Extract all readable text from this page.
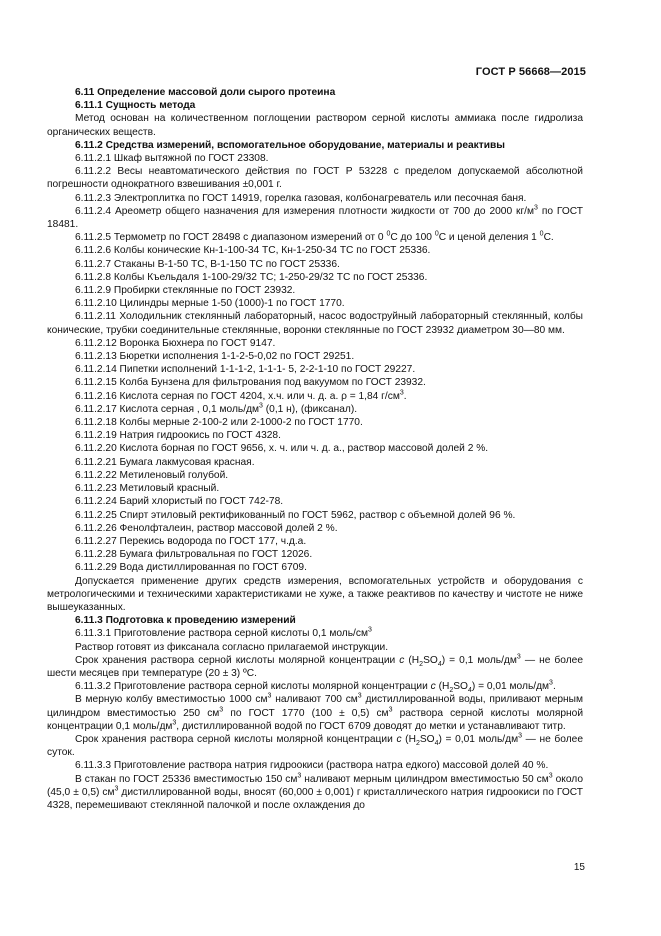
ГОСТ Р 56668—2015

6.11 Определение массовой доли сырого протеина

6.11.1 Сущность метода

Метод основан на количественном поглощении раствором серной кислоты аммиака после гидролиза органических веществ.

6.11.2 Средства измерений, вспомогательное оборудование, материалы и реактивы

6.11.2.1 Шкаф вытяжной по ГОСТ 23308.

6.11.2.2 Весы неавтоматического действия по ГОСТ Р 53228 с пределом допускаемой абсолютной погрешности однократного взвешивания ±0,001 г.

6.11.2.3 Электроплитка по ГОСТ 14919, горелка газовая, колбонагреватель или песочная баня.

6.11.2.4 Ареометр общего назначения для измерения плотности жидкости от 700 до 2000 $кг/м^3$ по ГОСТ 18481.

6.11.2.5 Термометр по ГОСТ 28498 с диапазоном измерений от 0 $^0$С до 100 $^0$С и ценой деления 1 $^0$С.

6.11.2.6 Колбы конические Кн-1-100-34 ТС, Кн-1-250-34 ТС по ГОСТ 25336.

6.11.2.7 Стаканы В-1-50 ТС, В-1-150 ТС по ГОСТ 25336.

6.11.2.8 Колбы Къельдаля 1-100-29/32 ТС; 1-250-29/32 ТС по ГОСТ 25336.

6.11.2.9 Пробирки стеклянные по ГОСТ 23932.

6.11.2.10 Цилиндры мерные 1-50 (1000)-1 по ГОСТ 1770.

6.11.2.11 Холодильник стеклянный лабораторный, насос водоструйный лабораторный стеклянный, колбы конические, трубки соединительные стеклянные, воронки стеклянные по ГОСТ 23932 диаметром 30—80 мм.

6.11.2.12 Воронка Бюхнера по ГОСТ 9147.

6.11.2.13 Бюретки исполнения 1-1-2-5-0,02 по ГОСТ 29251.

6.11.2.14 Пипетки исполнений 1-1-1-2, 1-1-1- 5, 2-2-1-10 по ГОСТ 29227.

6.11.2.15 Колба Бунзена для фильтрования под вакуумом по ГОСТ 23932.

6.11.2.16 Кислота серная по ГОСТ 4204, х.ч. или ч. д. а. ρ = 1,84 $г/см^3$.

6.11.2.17 Кислота серная , 0,1 моль/$дм^3$ (0,1 н), (фиксанал).

6.11.2.18 Колбы мерные 2-100-2 или 2-1000-2 по ГОСТ 1770.

6.11.2.19 Натрия гидроокись по ГОСТ 4328.

6.11.2.20 Кислота борная по ГОСТ 9656, х. ч. или ч. д. а., раствор массовой долей 2 %.

6.11.2.21 Бумага лакмусовая красная.

6.11.2.22 Метиленовый голубой.

6.11.2.23 Метиловый красный.

6.11.2.24 Барий хлористый по ГОСТ 742-78.

6.11.2.25 Спирт этиловый ректификованный по ГОСТ 5962, раствор с объемной долей 96 %.

6.11.2.26 Фенолфталеин, раствор массовой долей 2 %.

6.11.2.27 Перекись водорода по ГОСТ 177, ч.д.а.

6.11.2.28 Бумага фильтровальная по ГОСТ 12026.

6.11.2.29 Вода дистиллированная по ГОСТ 6709.

Допускается применение других средств измерения, вспомогательных устройств и оборудования с метрологическими и техническими характеристиками не хуже, а также реактивов по качеству и чистоте не ниже вышеуказанных.

6.11.3 Подготовка к проведению измерений

6.11.3.1 Приготовление раствора серной кислоты 0,1 моль/$см^3$

Раствор готовят из фиксанала согласно прилагаемой инструкции.

Срок хранения раствора серной кислоты молярной концентрации c $(H_2SO_4) = 0,1$ моль/$дм^3$ — не более шести месяцев при температуре (20 ± 3) ºС.

6.11.3.2 Приготовление раствора серной кислоты молярной концентрации c $(H_2SO_4) = 0,01$ моль/$дм^3$.

В мерную колбу вместимостью 1000 $см^3$ наливают 700 $см^3$ дистиллированной воды, приливают мерным цилиндром вместимостью 250 $см^3$ по ГОСТ 1770 (100 ± 0,5) $см^3$ раствора серной кислоты молярной концентрации 0,1 моль/$дм^3$, дистиллированной водой по ГОСТ 6709 доводят до метки и устанавливают титр.

Срок хранения раствора серной кислоты молярной концентрации c $(H_2SO_4) = 0,01$ моль/$дм^3$ — не более суток.

6.11.3.3 Приготовление раствора натрия гидроокиси (раствора натра едкого) массовой долей 40 %.

В стакан по ГОСТ 25336 вместимостью 150 $см^3$ наливают мерным цилиндром вместимостью 50 $см^3$ около (45,0 ± 0,5) $см^3$ дистиллированной воды, вносят (60,000 ± 0,001) г кристаллического натрия гидроокиси по ГОСТ 4328, перемешивают стеклянной палочкой и после охлаждения до

15
